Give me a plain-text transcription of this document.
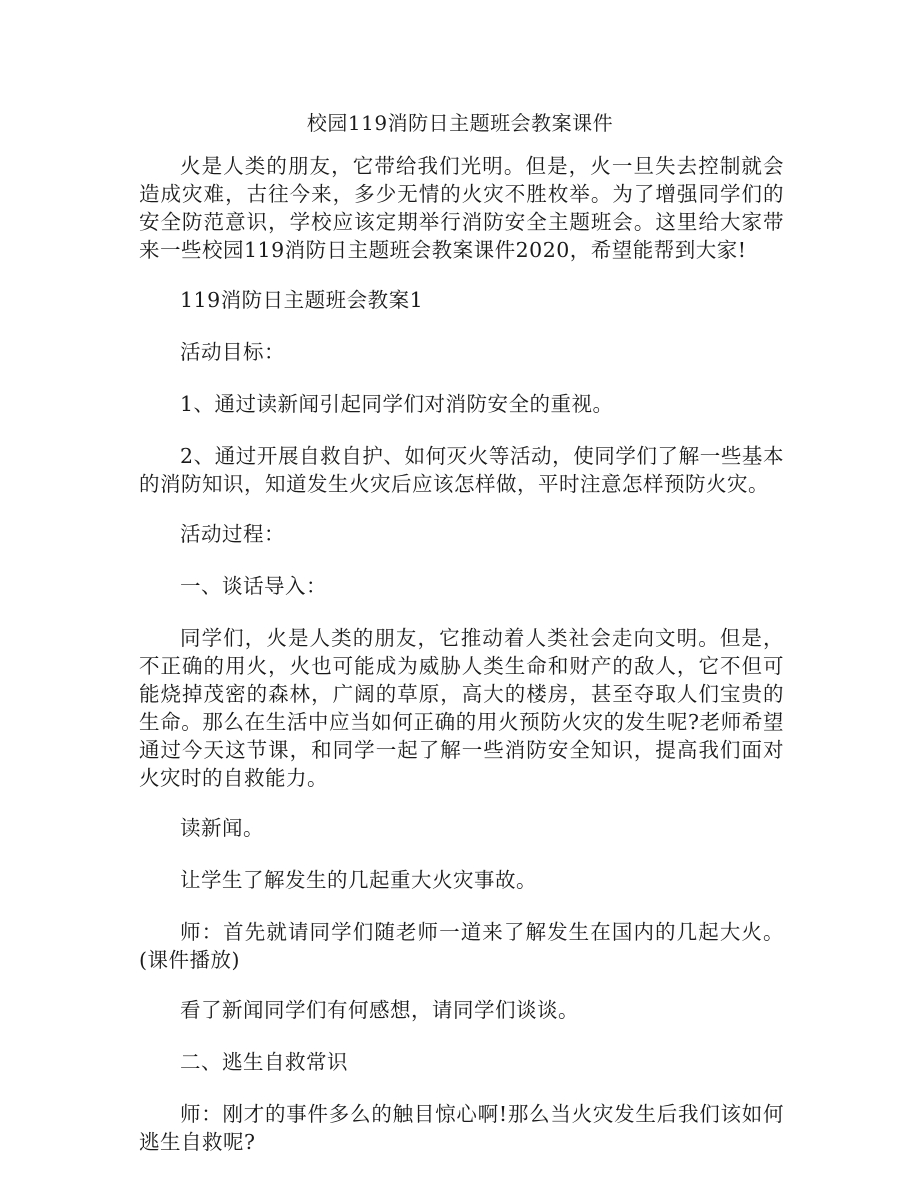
校园119消防日主题班会教案课件

火是人类的朋友，它带给我们光明。但是，火一旦失去控制就会造成灾难，古往今来，多少无情的火灾不胜枚举。为了增强同学们的安全防范意识，学校应该定期举行消防安全主题班会。这里给大家带来一些校园119消防日主题班会教案课件2020，希望能帮到大家!

119消防日主题班会教案1

活动目标：

1、通过读新闻引起同学们对消防安全的重视。

2、通过开展自救自护、如何灭火等活动，使同学们了解一些基本的消防知识，知道发生火灾后应该怎样做，平时注意怎样预防火灾。

活动过程：

一、谈话导入：

同学们，火是人类的朋友，它推动着人类社会走向文明。但是，不正确的用火，火也可能成为威胁人类生命和财产的敌人，它不但可能烧掉茂密的森林，广阔的草原，高大的楼房，甚至夺取人们宝贵的生命。那么在生活中应当如何正确的用火预防火灾的发生呢?老师希望通过今天这节课，和同学一起了解一些消防安全知识，提高我们面对火灾时的自救能力。

读新闻。

让学生了解发生的几起重大火灾事故。

师：首先就请同学们随老师一道来了解发生在国内的几起大火。(课件播放)

看了新闻同学们有何感想，请同学们谈谈。

二、逃生自救常识

师：刚才的事件多么的触目惊心啊!那么当火灾发生后我们该如何逃生自救呢?
